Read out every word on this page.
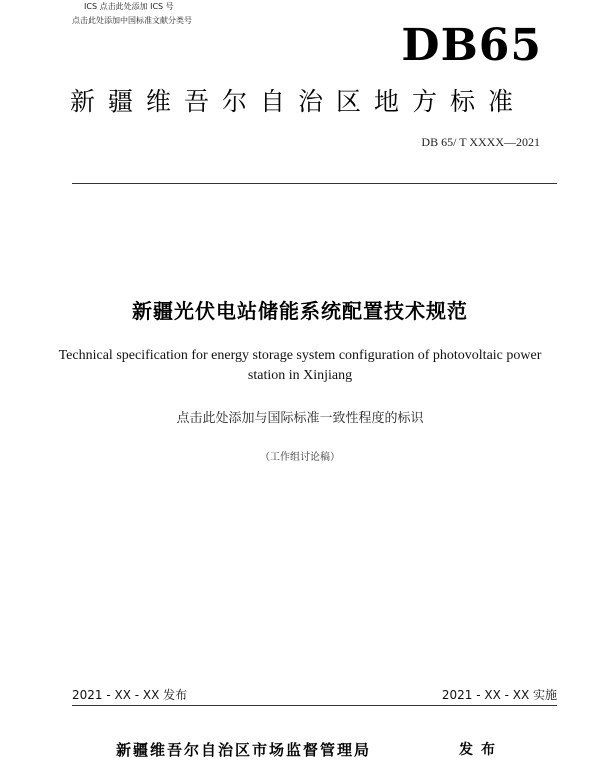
ICS 点击此处添加 ICS 号
点击此处添加中国标准文献分类号	DB65
新疆维吾尔自治区地方标准
DB 65/ T XXXX—2021
新疆光伏电站储能系统配置技术规范
Technical specification for energy storage system configuration of photovoltaic power station in Xinjiang
点击此处添加与国际标准一致性程度的标识
（工作组讨论稿）
2021 - XX - XX 发布	2021 - XX - XX 实施
新疆维吾尔自治区市场监督管理局	发布
